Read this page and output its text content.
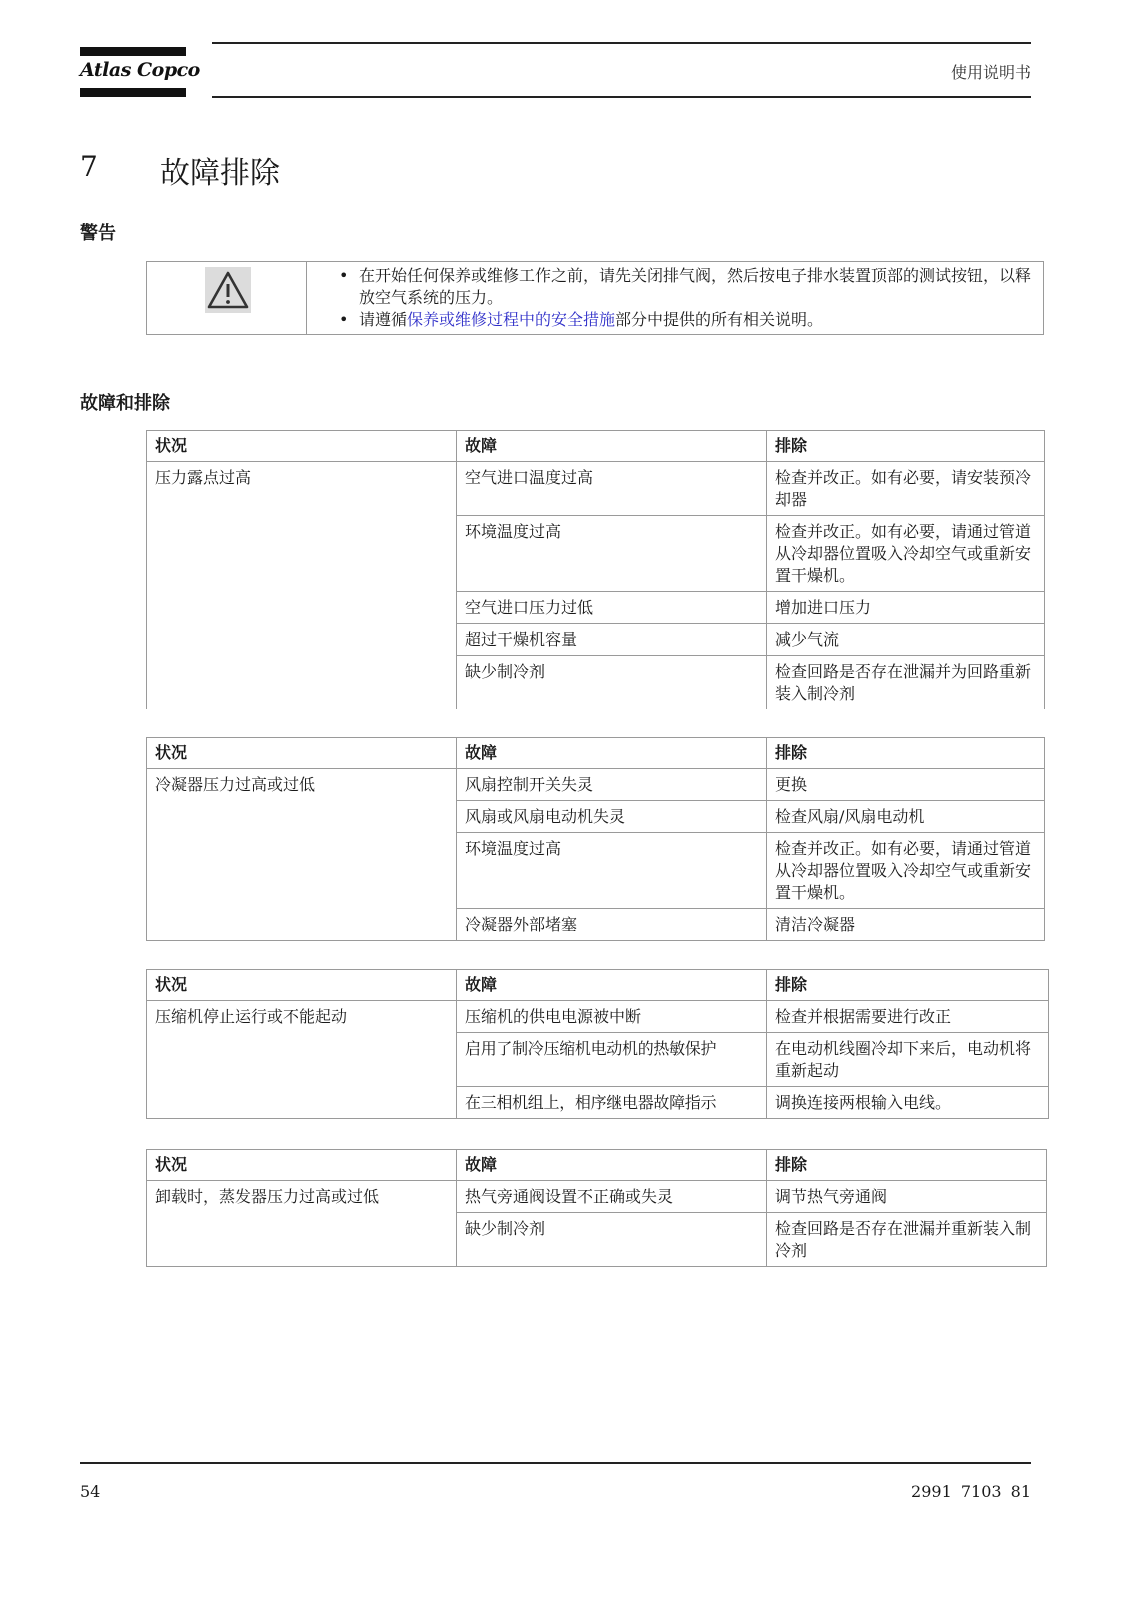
Atlas Copco	使用说明书
7 故障排除
警告
• 在开始任何保养或维修工作之前，请先关闭排气阀，然后按电子排水装置顶部的测试按钮，以释放空气系统的压力。
• 请遵循保养或维修过程中的安全措施部分中提供的所有相关说明。
故障和排除
状况	故障	排除
压力露点过高	空气进口温度过高	检查并改正。如有必要，请安装预冷却器
	环境温度过高	检查并改正。如有必要，请通过管道从冷却器位置吸入冷却空气或重新安置干燥机。
	空气进口压力过低	增加进口压力
	超过干燥机容量	减少气流
	缺少制冷剂	检查回路是否存在泄漏并为回路重新装入制冷剂
状况	故障	排除
冷凝器压力过高或过低	风扇控制开关失灵	更换
	风扇或风扇电动机失灵	检查风扇/风扇电动机
	环境温度过高	检查并改正。如有必要，请通过管道从冷却器位置吸入冷却空气或重新安置干燥机。
	冷凝器外部堵塞	清洁冷凝器
状况	故障	排除
压缩机停止运行或不能起动	压缩机的供电电源被中断	检查并根据需要进行改正
	启用了制冷压缩机电动机的热敏保护	在电动机线圈冷却下来后，电动机将重新起动
	在三相机组上，相序继电器故障指示	调换连接两根输入电线。
状况	故障	排除
卸载时，蒸发器压力过高或过低	热气旁通阀设置不正确或失灵	调节热气旁通阀
	缺少制冷剂	检查回路是否存在泄漏并重新装入制冷剂
54	2991 7103 81
